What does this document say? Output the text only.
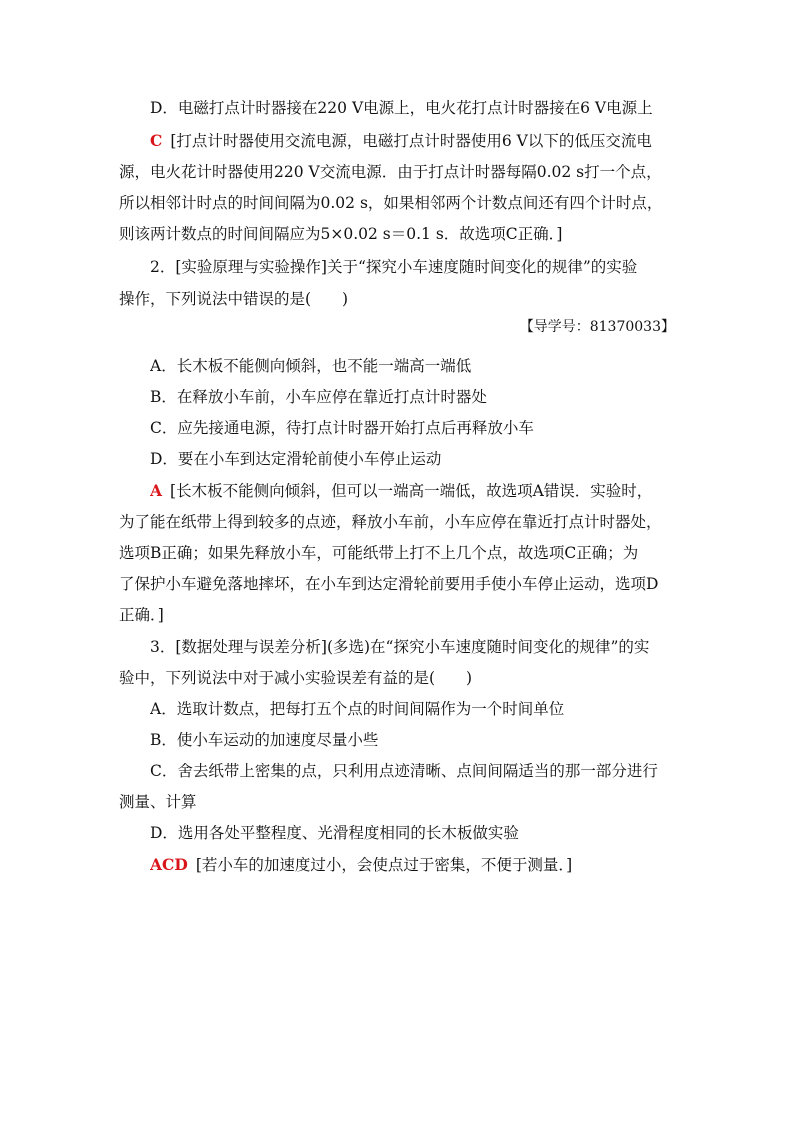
D．电磁打点计时器接在220 V电源上，电火花打点计时器接在6 V电源上
C [打点计时器使用交流电源，电磁打点计时器使用6 V以下的低压交流电
源，电火花计时器使用220 V交流电源．由于打点计时器每隔0.02 s打一个点，
所以相邻计时点的时间间隔为0.02 s，如果相邻两个计数点间还有四个计时点，
则该两计数点的时间间隔应为5×0.02 s＝0.1 s．故选项C正确．]
2．[实验原理与实验操作]关于“探究小车速度随时间变化的规律”的实验
操作，下列说法中错误的是(　　)
A．长木板不能侧向倾斜，也不能一端高一端低
B．在释放小车前，小车应停在靠近打点计时器处
C．应先接通电源，待打点计时器开始打点后再释放小车
D．要在小车到达定滑轮前使小车停止运动
A [长木板不能侧向倾斜，但可以一端高一端低，故选项A错误．实验时，
为了能在纸带上得到较多的点迹，释放小车前，小车应停在靠近打点计时器处，
选项B正确；如果先释放小车，可能纸带上打不上几个点，故选项C正确；为
了保护小车避免落地摔坏，在小车到达定滑轮前要用手使小车停止运动，选项D
正确．]
3．[数据处理与误差分析](多选)在“探究小车速度随时间变化的规律”的实
验中，下列说法中对于减小实验误差有益的是(　　)
A．选取计数点，把每打五个点的时间间隔作为一个时间单位
B．使小车运动的加速度尽量小些
C．舍去纸带上密集的点，只利用点迹清晰、点间间隔适当的那一部分进行
测量、计算
D．选用各处平整程度、光滑程度相同的长木板做实验
ACD [若小车的加速度过小，会使点过于密集，不便于测量．]
【导学号：81370033】
